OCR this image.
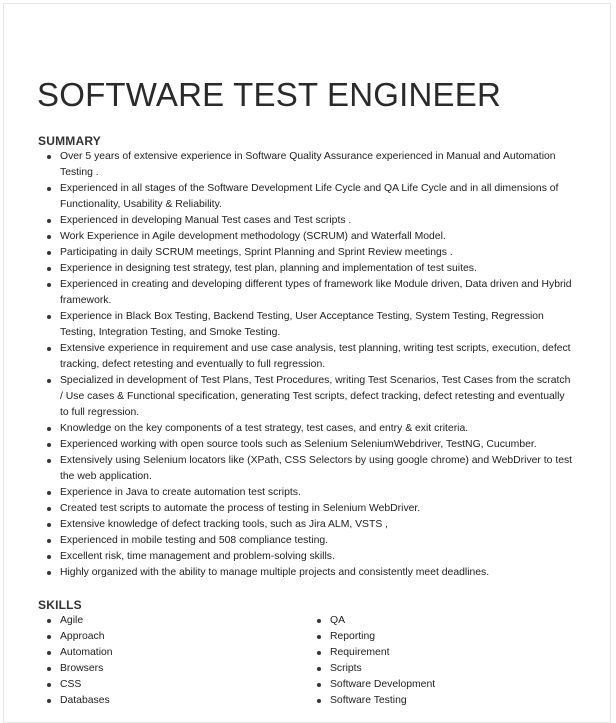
SOFTWARE TEST ENGINEER
SUMMARY
Over 5 years of extensive experience in Software Quality Assurance experienced in Manual and Automation Testing .
Experienced in all stages of the Software Development Life Cycle and QA Life Cycle and in all dimensions of Functionality, Usability & Reliability.
Experienced in developing Manual Test cases and Test scripts .
Work Experience in Agile development methodology (SCRUM) and Waterfall Model.
Participating in daily SCRUM meetings, Sprint Planning and Sprint Review meetings .
Experience in designing test strategy, test plan, planning and implementation of test suites.
Experienced in creating and developing different types of framework like Module driven, Data driven and Hybrid framework.
Experience in Black Box Testing, Backend Testing, User Acceptance Testing, System Testing, Regression Testing, Integration Testing, and Smoke Testing.
Extensive experience in requirement and use case analysis, test planning, writing test scripts, execution, defect tracking, defect retesting and eventually to full regression.
Specialized in development of Test Plans, Test Procedures, writing Test Scenarios, Test Cases from the scratch / Use cases & Functional specification, generating Test scripts, defect tracking, defect retesting and eventually to full regression.
Knowledge on the key components of a test strategy, test cases, and entry & exit criteria.
Experienced working with open source tools such as Selenium SeleniumWebdriver, TestNG, Cucumber.
Extensively using Selenium locators like (XPath, CSS Selectors by using google chrome) and WebDriver to test the web application.
Experience in Java to create automation test scripts.
Created test scripts to automate the process of testing in Selenium WebDriver.
Extensive knowledge of defect tracking tools, such as Jira ALM, VSTS ,
Experienced in mobile testing and 508 compliance testing.
Excellent risk, time management and problem-solving skills.
Highly organized with the ability to manage multiple projects and consistently meet deadlines.
SKILLS
Agile
Approach
Automation
Browsers
CSS
Databases
QA
Reporting
Requirement
Scripts
Software Development
Software Testing
